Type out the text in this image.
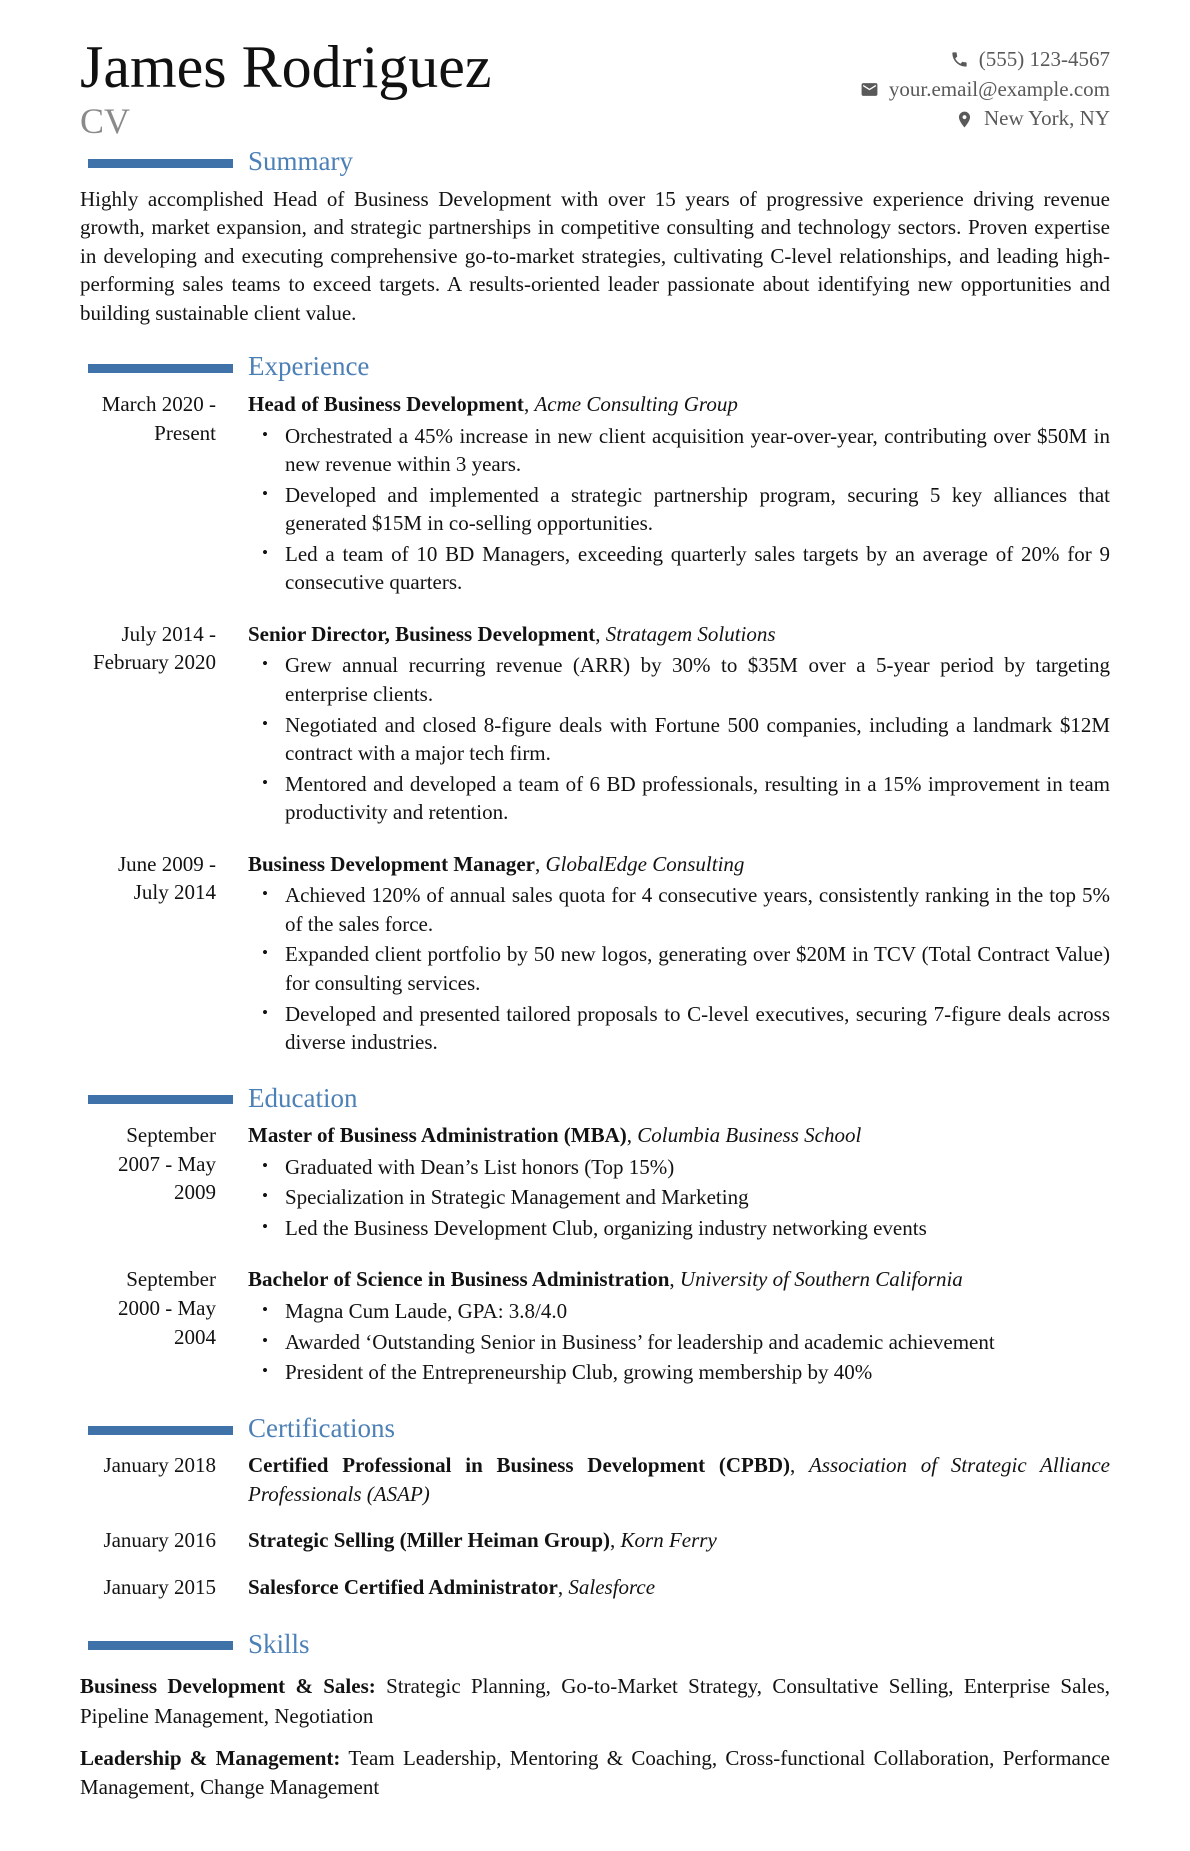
James Rodriguez
CV
(555) 123-4567
your.email@example.com
New York, NY
Summary

Highly accomplished Head of Business Development with over 15 years of progressive experience driving revenue growth, market expansion, and strategic partnerships in competitive consulting and technology sectors. Proven expertise in developing and executing comprehensive go-to-market strategies, cultivating C-level relationships, and leading high-performing sales teams to exceed targets. A results-oriented leader passionate about identifying new opportunities and building sustainable client value.

Experience
March 2020 - Present
Head of Business Development, Acme Consulting Group
• Orchestrated a 45% increase in new client acquisition year-over-year, contributing over $50M in new revenue within 3 years.
• Developed and implemented a strategic partnership program, securing 5 key alliances that generated $15M in co-selling opportunities.
• Led a team of 10 BD Managers, exceeding quarterly sales targets by an average of 20% for 9 consecutive quarters.
July 2014 - February 2020
Senior Director, Business Development, Stratagem Solutions
• Grew annual recurring revenue (ARR) by 30% to $35M over a 5-year period by targeting enterprise clients.
• Negotiated and closed 8-figure deals with Fortune 500 companies, including a landmark $12M contract with a major tech firm.
• Mentored and developed a team of 6 BD professionals, resulting in a 15% improvement in team productivity and retention.
June 2009 - July 2014
Business Development Manager, GlobalEdge Consulting
• Achieved 120% of annual sales quota for 4 consecutive years, consistently ranking in the top 5% of the sales force.
• Expanded client portfolio by 50 new logos, generating over $20M in TCV (Total Contract Value) for consulting services.
• Developed and presented tailored proposals to C-level executives, securing 7-figure deals across diverse industries.
Education
September 2007 - May 2009
Master of Business Administration (MBA), Columbia Business School
• Graduated with Dean’s List honors (Top 15%)
• Specialization in Strategic Management and Marketing
• Led the Business Development Club, organizing industry networking events
September 2000 - May 2004
Bachelor of Science in Business Administration, University of Southern California
• Magna Cum Laude, GPA: 3.8/4.0
• Awarded ‘Outstanding Senior in Business’ for leadership and academic achievement
• President of the Entrepreneurship Club, growing membership by 40%
Certifications
January 2018 Certified Professional in Business Development (CPBD), Association of Strategic Alliance Professionals (ASAP)
January 2016 Strategic Selling (Miller Heiman Group), Korn Ferry
January 2015 Salesforce Certified Administrator, Salesforce
Skills

Business Development & Sales: Strategic Planning, Go-to-Market Strategy, Consultative Selling, Enterprise Sales, Pipeline Management, Negotiation

Leadership & Management: Team Leadership, Mentoring & Coaching, Cross-functional Collaboration, Performance Management, Change Management
